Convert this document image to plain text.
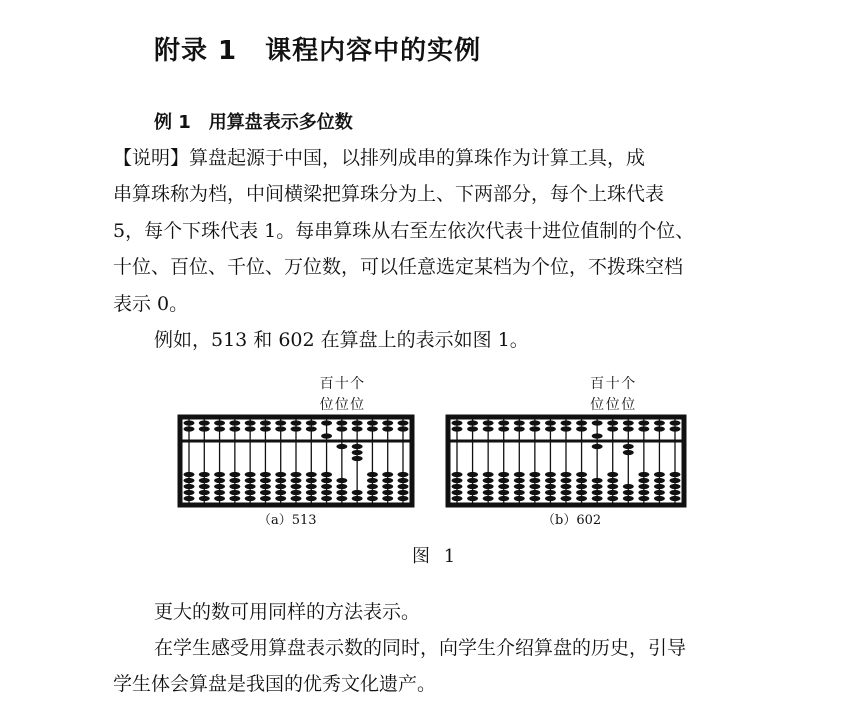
附录 1 课程内容中的实例
例 1 用算盘表示多位数

【说明】算盘起源于中国，以排列成串的算珠作为计算工具，成
串算珠称为档，中间横梁把算珠分为上、下两部分，每个上珠代表
5，每个下珠代表 1。每串算珠从右至左依次代表十进位值制的个位、
十位、百位、千位、万位数，可以任意选定某档为个位，不拨珠空档
表示 0。

例如，513 和 602 在算盘上的表示如图 1。

百
位
十
位
个
位
百
位
十
位
个
位
（a）513	（b）602
图 1

更大的数可用同样的方法表示。

在学生感受用算盘表示数的同时，向学生介绍算盘的历史，引导
学生体会算盘是我国的优秀文化遗产。
